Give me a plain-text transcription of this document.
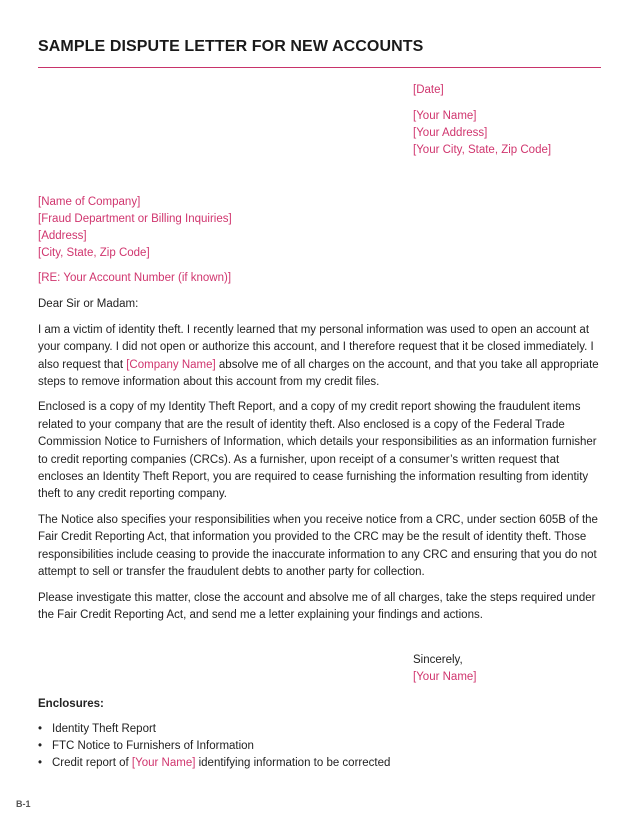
SAMPLE DISPUTE LETTER FOR NEW ACCOUNTS
[Date]
[Your Name]
[Your Address]
[Your City, State, Zip Code]
[Name of Company]
[Fraud Department or Billing Inquiries]
[Address]
[City, State, Zip Code]

[RE: Your Account Number (if known)]

Dear Sir or Madam:

I am a victim of identity theft. I recently learned that my personal information was used to open an account at your company. I did not open or authorize this account, and I therefore request that it be closed immediately. I also request that [Company Name] absolve me of all charges on the account, and that you take all appropriate steps to remove information about this account from my credit files.

Enclosed is a copy of my Identity Theft Report, and a copy of my credit report showing the fraudulent items related to your company that are the result of identity theft. Also enclosed is a copy of the Federal Trade Commission Notice to Furnishers of Information, which details your responsibilities as an information furnisher to credit reporting companies (CRCs). As a furnisher, upon receipt of a consumer’s written request that encloses an Identity Theft Report, you are required to cease furnishing the information resulting from identity theft to any credit reporting company.

The Notice also specifies your responsibilities when you receive notice from a CRC, under section 605B of the Fair Credit Reporting Act, that information you provided to the CRC may be the result of identity theft. Those responsibilities include ceasing to provide the inaccurate information to any CRC and ensuring that you do not attempt to sell or transfer the fraudulent debts to another party for collection.

Please investigate this matter, close the account and absolve me of all charges, take the steps required under the Fair Credit Reporting Act, and send me a letter explaining your findings and actions.

Sincerely,
[Your Name]
Enclosures:
• Identity Theft Report
• FTC Notice to Furnishers of Information
• Credit report of [Your Name] identifying information to be corrected
B-1
